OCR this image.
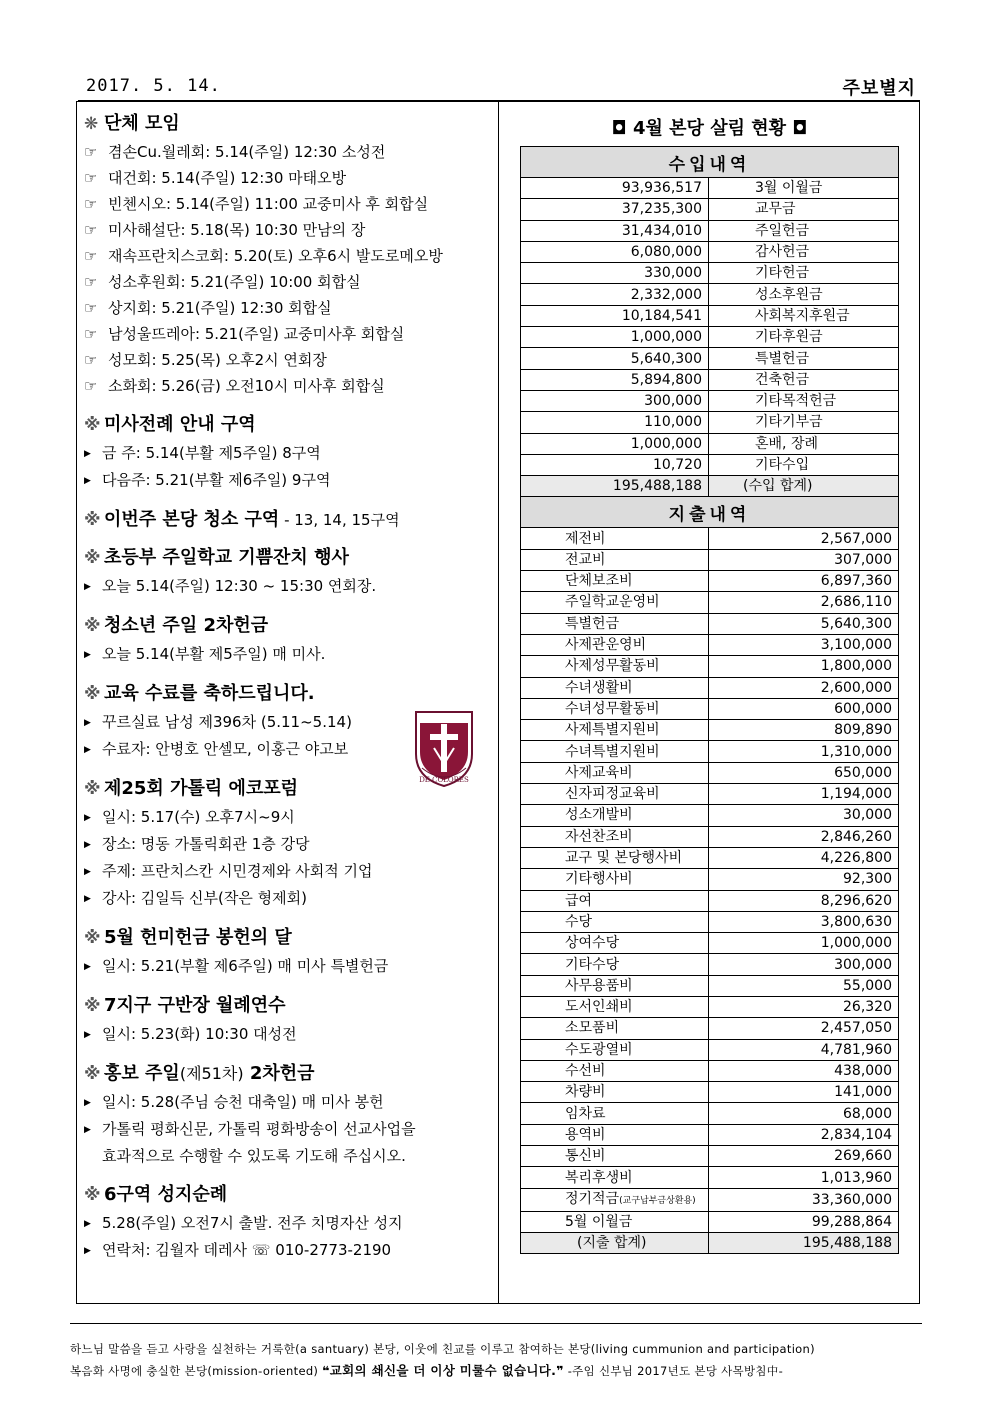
2017. 5. 14.	주보별지
❋ 단체 모임
☞ 겸손Cu.월레회: 5.14(주일) 12:30 소성전
☞ 대건회: 5.14(주일) 12:30 마태오방
☞ 빈첸시오: 5.14(주일) 11:00 교중미사 후 회합실
☞ 미사해설단: 5.18(목) 10:30 만남의 장
☞ 재속프란치스코회: 5.20(토) 오후6시 발도로메오방
☞ 성소후원회: 5.21(주일) 10:00 회합실
☞ 상지회: 5.21(주일) 12:30 회합실
☞ 남성울뜨레아: 5.21(주일) 교중미사후 회합실
☞ 성모회: 5.25(목) 오후2시 연회장
☞ 소화회: 5.26(금) 오전10시 미사후 회합실
※ 미사전례 안내 구역
▶ 금 주: 5.14(부활 제5주일) 8구역
▶ 다음주: 5.21(부활 제6주일) 9구역
※ 이번주 본당 청소 구역 - 13, 14, 15구역
※ 초등부 주일학교 기쁨잔치 행사
▶ 오늘 5.14(주일) 12:30 ~ 15:30 연회장.
※ 청소년 주일 2차헌금
▶ 오늘 5.14(부활 제5주일) 매 미사.
※ 교육 수료를 축하드립니다.
▶ 꾸르실료 남성 제396차 (5.11~5.14)
▶ 수료자: 안병호 안셀모, 이홍근 야고보
※ 제25회 가톨릭 에코포럼
▶ 일시: 5.17(수) 오후7시~9시
▶ 장소: 명동 가톨릭회관 1층 강당
▶ 주제: 프란치스칸 시민경제와 사회적 기업
▶ 강사: 김일득 신부(작은 형제회)
※ 5월 헌미헌금 봉헌의 달
▶ 일시: 5.21(부활 제6주일) 매 미사 특별헌금
※ 7지구 구반장 월례연수
▶ 일시: 5.23(화) 10:30 대성전
※ 홍보 주일(제51차) 2차헌금
▶ 일시: 5.28(주님 승천 대축일) 매 미사 봉헌
▶ 가톨릭 평화신문, 가톨릭 평화방송이 선교사업을
효과적으로 수행할 수 있도록 기도해 주십시오.
※ 6구역 성지순례
▶ 5.28(주일) 오전7시 출발. 전주 치명자산 성지
▶ 연락처: 김월자 데레사 ☏ 010-2773-2190
DE COLORES
◘ 4월 본당 살림 현황 ◘
수입내역	
93,936,517	3월 이월금
37,235,300	교무금
31,434,010	주일헌금
6,080,000	감사헌금
330,000	기타헌금
2,332,000	성소후원금
10,184,541	사회복지후원금
1,000,000	기타후원금
5,640,300	특별헌금
5,894,800	건축헌금
300,000	기타목적헌금
110,000	기타기부금
1,000,000	혼배, 장례
10,720	기타수입
195,488,188	(수입 합계)
지출내역	
제전비	2,567,000
전교비	307,000
단체보조비	6,897,360
주일학교운영비	2,686,110
특별헌금	5,640,300
사제관운영비	3,100,000
사제성무활동비	1,800,000
수녀생활비	2,600,000
수녀성무활동비	600,000
사제특별지원비	809,890
수녀특별지원비	1,310,000
사제교육비	650,000
신자피정교육비	1,194,000
성소개발비	30,000
자선찬조비	2,846,260
교구 및 본당행사비	4,226,800
기타행사비	92,300
급여	8,296,620
수당	3,800,630
상여수당	1,000,000
기타수당	300,000
사무용품비	55,000
도서인쇄비	26,320
소모품비	2,457,050
수도광열비	4,781,960
수선비	438,000
차량비	141,000
임차료	68,000
용역비	2,834,104
통신비	269,660
복리후생비	1,013,960
정기적금(교구납부금상환용)	33,360,000
5월 이월금	99,288,864
(지출 합계)	195,488,188
하느님 말씀을 듣고 사랑을 실천하는 거룩한(a santuary) 본당, 이웃에 친교를 이루고 참여하는 본당(living cummunion and participation)
복음화 사명에 충실한 본당(mission-oriented) ❝교회의 쇄신을 더 이상 미룰수 없습니다.❞ -주임 신부님 2017년도 본당 사목방침中-
